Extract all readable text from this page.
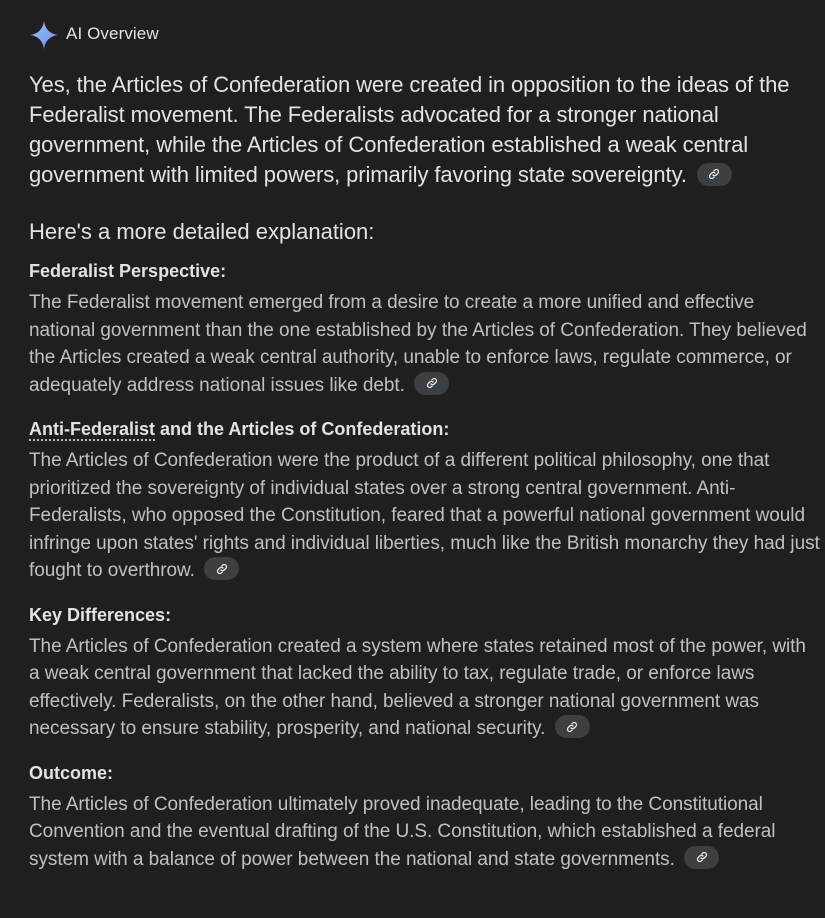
AI Overview
Yes, the Articles of Confederation were created in opposition to the ideas of the Federalist movement. The Federalists advocated for a stronger national government, while the Articles of Confederation established a weak central government with limited powers, primarily favoring state sovereignty.
Here's a more detailed explanation:
Federalist Perspective:
The Federalist movement emerged from a desire to create a more unified and effective national government than the one established by the Articles of Confederation. They believed the Articles created a weak central authority, unable to enforce laws, regulate commerce, or adequately address national issues like debt.
Anti-Federalist and the Articles of Confederation:
The Articles of Confederation were the product of a different political philosophy, one that prioritized the sovereignty of individual states over a strong central government. Anti-Federalists, who opposed the Constitution, feared that a powerful national government would infringe upon states' rights and individual liberties, much like the British monarchy they had just fought to overthrow.
Key Differences:
The Articles of Confederation created a system where states retained most of the power, with a weak central government that lacked the ability to tax, regulate trade, or enforce laws effectively. Federalists, on the other hand, believed a stronger national government was necessary to ensure stability, prosperity, and national security.
Outcome:
The Articles of Confederation ultimately proved inadequate, leading to the Constitutional Convention and the eventual drafting of the U.S. Constitution, which established a federal system with a balance of power between the national and state governments.
